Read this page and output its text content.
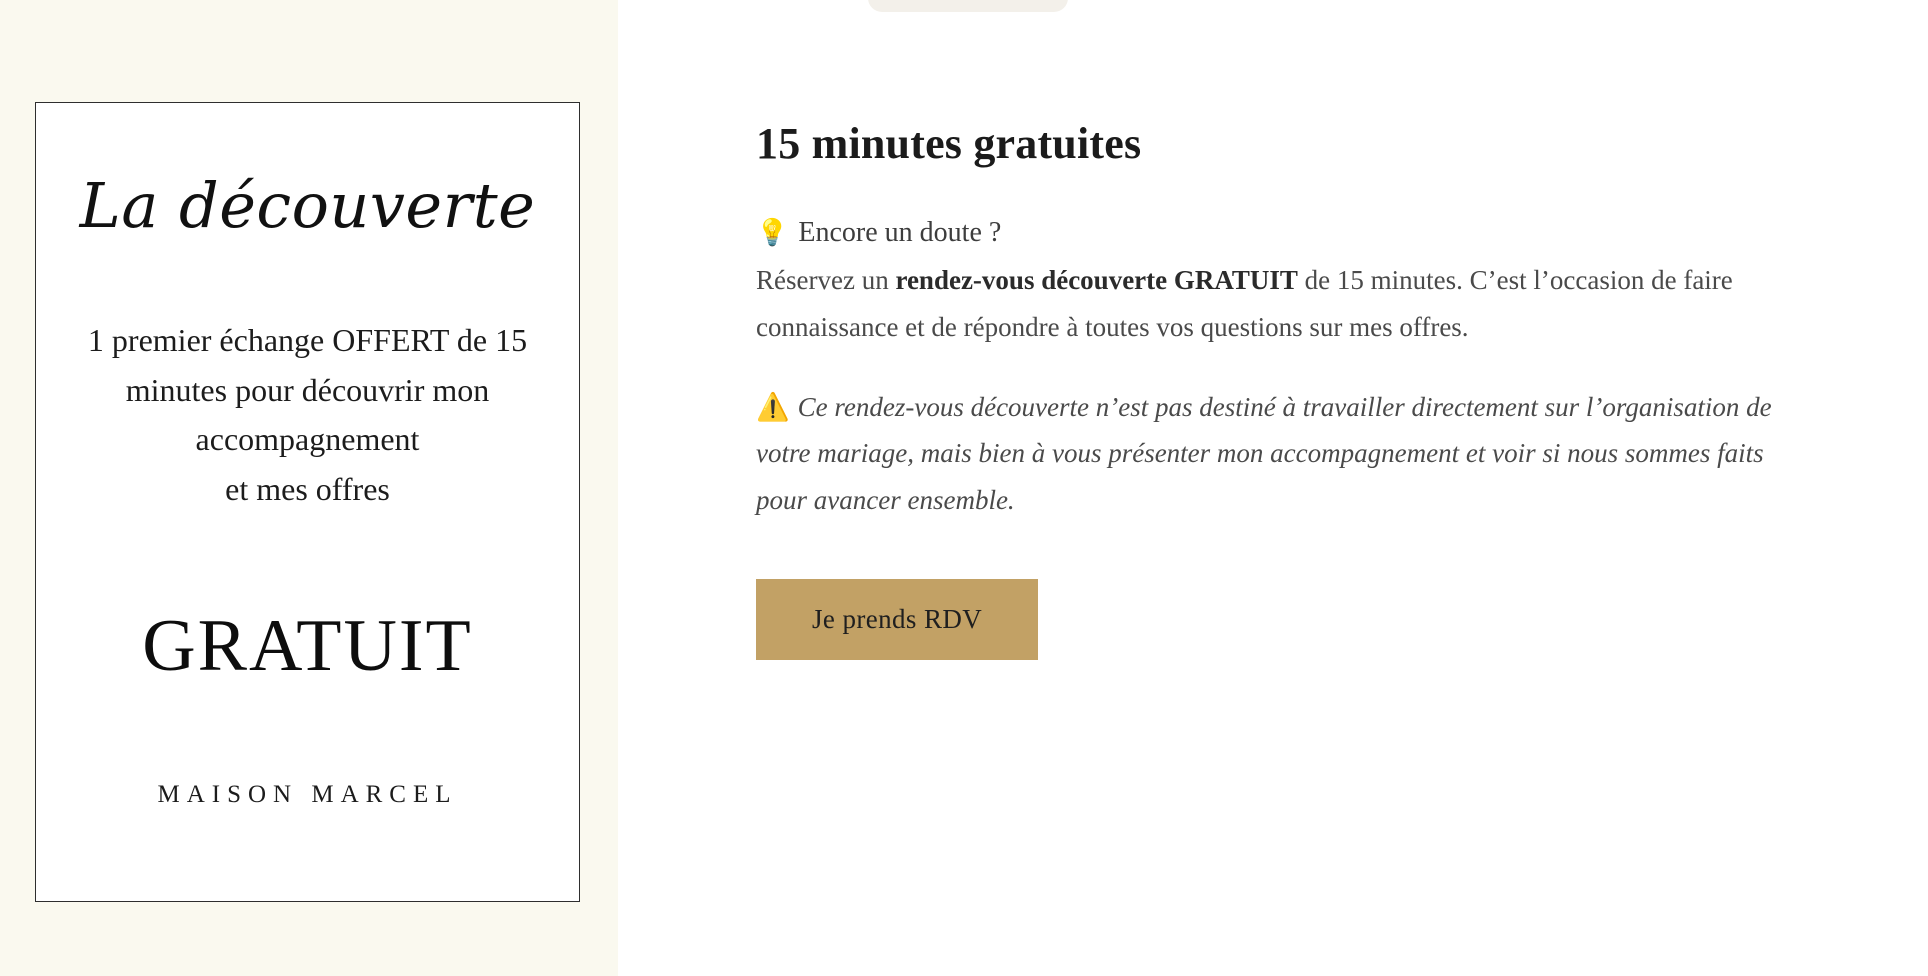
La découverte
1 premier échange OFFERT de 15
minutes pour découvrir mon
accompagnement
et mes offres
GRATUIT
MAISON MARCEL
15 minutes gratuites

💡 Encore un doute ?
Réservez un rendez-vous découverte GRATUIT de 15 minutes. C’est l’occasion de faire connaissance et de répondre à toutes vos questions sur mes offres.

⚠️ Ce rendez-vous découverte n’est pas destiné à travailler directement sur l’organisation de votre mariage, mais bien à vous présenter mon accompagnement et voir si nous sommes faits pour avancer ensemble.

Je prends RDV
